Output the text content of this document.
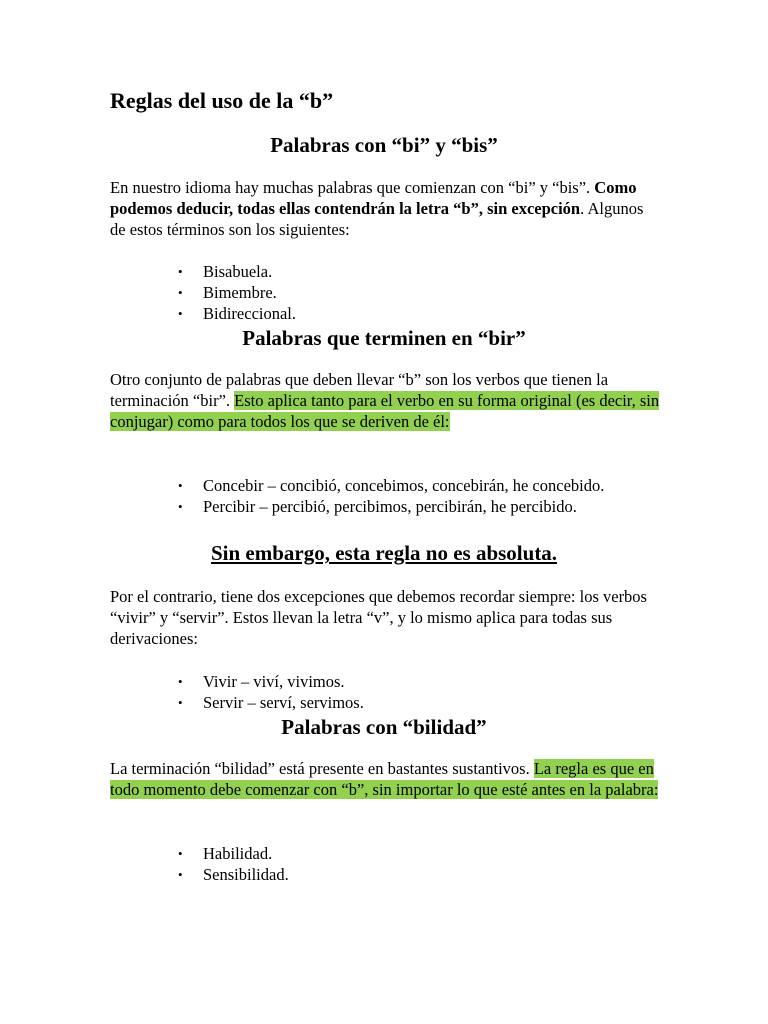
Reglas del uso de la “b”
Palabras con “bi” y “bis”
En nuestro idioma hay muchas palabras que comienzan con “bi” y “bis”. Como podemos deducir, todas ellas contendrán la letra “b”, sin excepción. Algunos de estos términos son los siguientes:
• Bisabuela.
• Bimembre.
• Bidireccional.
Palabras que terminen en “bir”
Otro conjunto de palabras que deben llevar “b” son los verbos que tienen la terminación “bir”. Esto aplica tanto para el verbo en su forma original (es decir, sin conjugar) como para todos los que se deriven de él:
• Concebir – concibió, concebimos, concebirán, he concebido.
• Percibir – percibió, percibimos, percibirán, he percibido.
Sin embargo, esta regla no es absoluta.
Por el contrario, tiene dos excepciones que debemos recordar siempre: los verbos “vivir” y “servir”. Estos llevan la letra “v”, y lo mismo aplica para todas sus derivaciones:
• Vivir – viví, vivimos.
• Servir – serví, servimos.
Palabras con “bilidad”
La terminación “bilidad” está presente en bastantes sustantivos. La regla es que en todo momento debe comenzar con “b”, sin importar lo que esté antes en la palabra:
• Habilidad.
• Sensibilidad.
